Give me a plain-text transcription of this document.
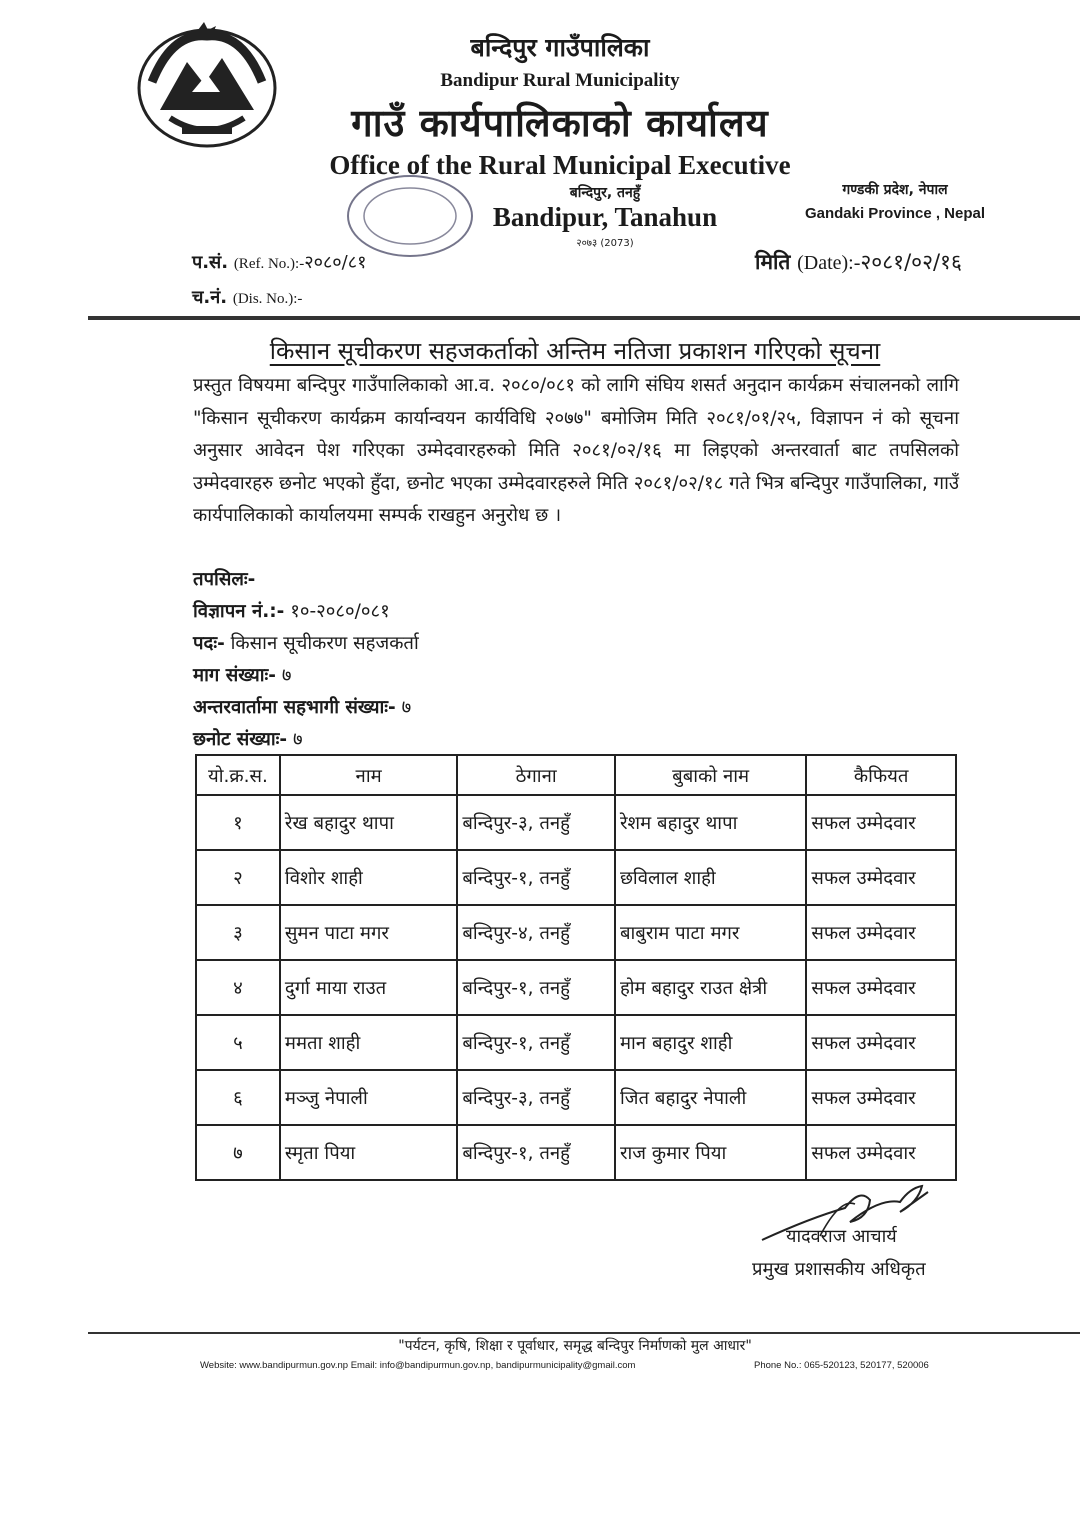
बन्दिपुर गाउँपालिका
Bandipur Rural Municipality
गाउँ कार्यपालिकाको कार्यालय
Office of the Rural Municipal Executive
बन्दिपुर, तनहुँ
Bandipur, Tanahun
२०७३ (2073)
गण्डकी प्रदेश, नेपाल
Gandaki Province , Nepal
प.सं. (Ref. No.):-२०८०/८१
च.नं. (Dis. No.):-
मिति (Date):-२०८१/०२/१६
किसान सूचीकरण सहजकर्ताको अन्तिम नतिजा प्रकाशन गरिएको सूचना
प्रस्तुत विषयमा बन्दिपुर गाउँपालिकाको आ.व. २०८०/०८१ को लागि संघिय शसर्त अनुदान कार्यक्रम संचालनको लागि "किसान सूचीकरण कार्यक्रम कार्यान्वयन कार्यविधि २०७७" बमोजिम मिति २०८१/०१/२५, विज्ञापन नं को सूचना अनुसार आवेदन पेश गरिएका उम्मेदवारहरुको मिति २०८१/०२/१६ मा लिइएको अन्तरवार्ता बाट तपसिलको उम्मेदवारहरु छनोट भएको हुँदा, छनोट भएका उम्मेदवारहरुले मिति २०८१/०२/१८ गते भित्र बन्दिपुर गाउँपालिका, गाउँ कार्यपालिकाको कार्यालयमा सम्पर्क राखहुन अनुरोध छ ।
तपसिलः-
विज्ञापन नं.:- १०-२०८०/०८१
पदः- किसान सूचीकरण सहजकर्ता
माग संख्याः- ७
अन्तरवार्तामा सहभागी संख्याः- ७
छनोट संख्याः- ७
यो.क्र.स.	नाम	ठेगाना	बुबाको नाम	कैफियत
१	रेख बहादुर थापा	बन्दिपुर-३, तनहुँ	रेशम बहादुर थापा	सफल उम्मेदवार
२	विशोर शाही	बन्दिपुर-१, तनहुँ	छविलाल शाही	सफल उम्मेदवार
३	सुमन पाटा मगर	बन्दिपुर-४, तनहुँ	बाबुराम पाटा मगर	सफल उम्मेदवार
४	दुर्गा माया राउत	बन्दिपुर-१, तनहुँ	होम बहादुर राउत क्षेत्री	सफल उम्मेदवार
५	ममता शाही	बन्दिपुर-१, तनहुँ	मान बहादुर शाही	सफल उम्मेदवार
६	मञ्जु नेपाली	बन्दिपुर-३, तनहुँ	जित बहादुर नेपाली	सफल उम्मेदवार
७	स्मृता पिया	बन्दिपुर-१, तनहुँ	राज कुमार पिया	सफल उम्मेदवार
यादवराज आचार्य
प्रमुख प्रशासकीय अधिकृत
"पर्यटन, कृषि, शिक्षा र पूर्वाधार, समृद्ध बन्दिपुर निर्माणको मुल आधार"
Website: www.bandipurmun.gov.np Email: info@bandipurmun.gov.np, bandipurmunicipality@gmail.com	Phone No.: 065-520123, 520177, 520006
